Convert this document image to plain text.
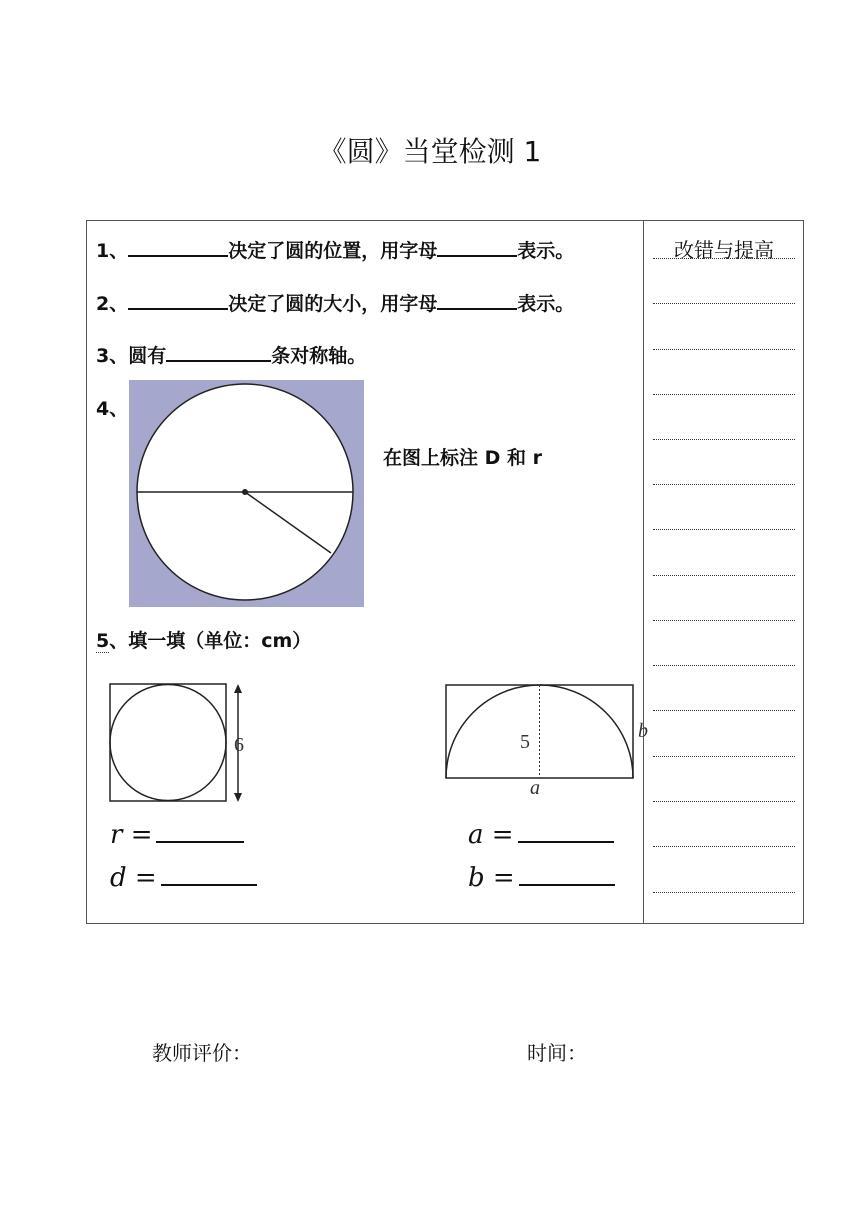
《圆》当堂检测 1
改错与提高
1、	决定了圆的位置，用字母	表示。
2、	决定了圆的大小，用字母	表示。
3、圆有	条对称轴。
4、
在图上标注 D 和 r
5、填一填（单位：cm）
6	5
a
b
r =
d =
a =
b =
教师评价：	时间：
